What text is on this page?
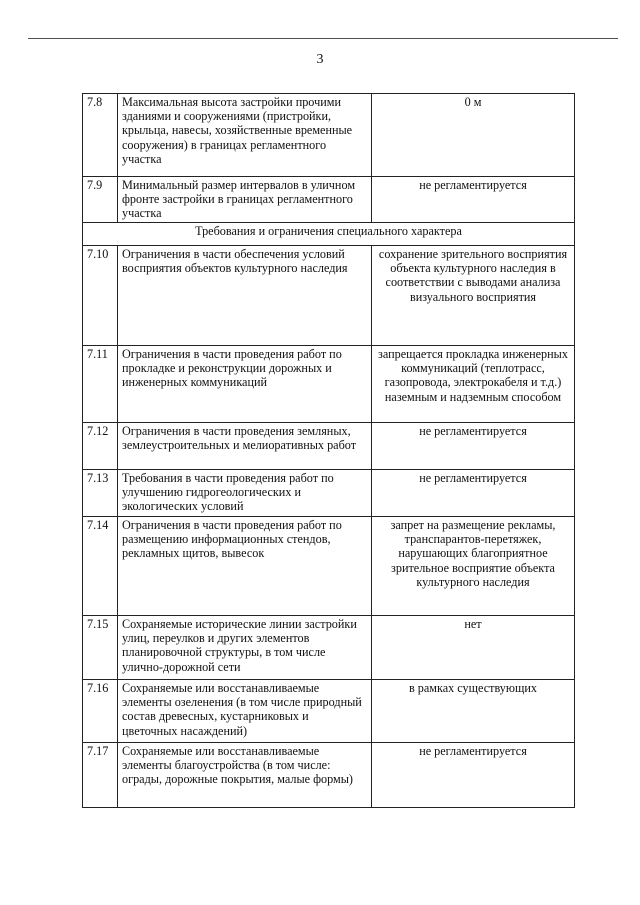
3
7.8	Максимальная высота застройки прочими зданиями и сооружениями (пристройки, крыльца, навесы, хозяйственные временные сооружения) в границах регламентного участка	0 м
7.9	Минимальный размер интервалов в уличном фронте застройки в границах регламентного участка	не регламентируется
Требования и ограничения специального характера		
7.10	Ограничения в части обеспечения условий восприятия объектов культурного наследия	сохранение зрительного восприятия объекта культурного наследия в соответствии с выводами анализа визуального восприятия
7.11	Ограничения в части проведения работ по прокладке и реконструкции дорожных и инженерных коммуникаций	запрещается прокладка инженерных коммуникаций (теплотрасс, газопровода, электрокабеля и т.д.) наземным и надземным способом
7.12	Ограничения в части проведения земляных, землеустроительных и мелиоративных работ	не регламентируется
7.13	Требования в части проведения работ по улучшению гидрогеологических и экологических условий	не регламентируется
7.14	Ограничения в части проведения работ по размещению информационных стендов, рекламных щитов, вывесок	запрет на размещение рекламы, транспарантов-перетяжек, нарушающих благоприятное зрительное восприятие объекта культурного наследия
7.15	Сохраняемые исторические линии застройки улиц, переулков и других элементов планировочной структуры, в том числе улично-дорожной сети	нет
7.16	Сохраняемые или восстанавливаемые элементы озеленения (в том числе природный состав древесных, кустарниковых и цветочных насаждений)	в рамках существующих
7.17	Сохраняемые или восстанавливаемые элементы благоустройства (в том числе: ограды, дорожные покрытия, малые формы)	не регламентируется
